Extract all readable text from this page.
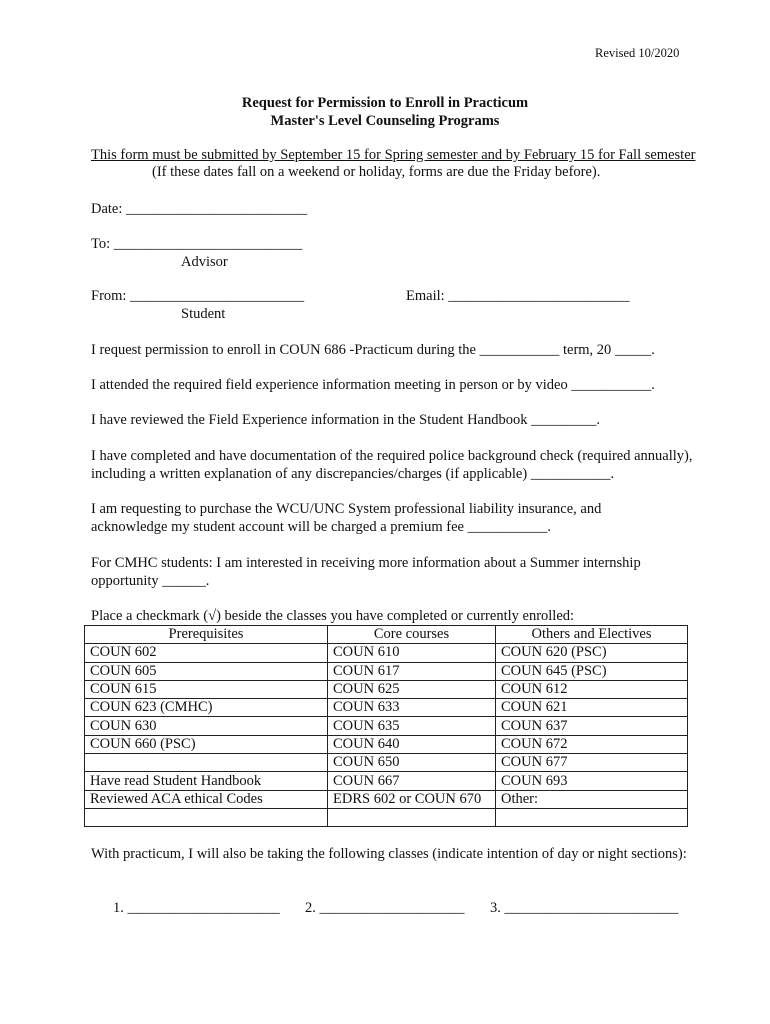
Revised 10/2020
Request for Permission to Enroll in Practicum
Master's Level Counseling Programs
This form must be submitted by September 15 for Spring semester and by February 15 for Fall semester
(If these dates fall on a weekend or holiday, forms are due the Friday before).
Date: _________________________
To: __________________________
Advisor
From: ________________________	Email: _________________________
Student
I request permission to enroll in COUN 686 -Practicum during the ___________ term, 20 _____.
I attended the required field experience information meeting in person or by video ___________.
I have reviewed the Field Experience information in the Student Handbook _________.
I have completed and have documentation of the required police background check (required annually),
including a written explanation of any discrepancies/charges (if applicable) ___________.
I am requesting to purchase the WCU/UNC System professional liability insurance, and
acknowledge my student account will be charged a premium fee ___________.
For CMHC students: I am interested in receiving more information about a Summer internship
opportunity ______.
Place a checkmark (√) beside the classes you have completed or currently enrolled:
Prerequisites	Core courses	Others and Electives
COUN 602	COUN 610	COUN 620 (PSC)
COUN 605	COUN 617	COUN 645 (PSC)
COUN 615	COUN 625	COUN 612
COUN 623 (CMHC)	COUN 633	COUN 621
COUN 630	COUN 635	COUN 637
COUN 660 (PSC)	COUN 640	COUN 672
	COUN 650	COUN 677
Have read Student Handbook	COUN 667	COUN 693
Reviewed ACA ethical Codes	EDRS 602 or COUN 670	Other:

With practicum, I will also be taking the following classes (indicate intention of day or night sections):
1. _____________________ 2. ____________________ 3. ________________________
